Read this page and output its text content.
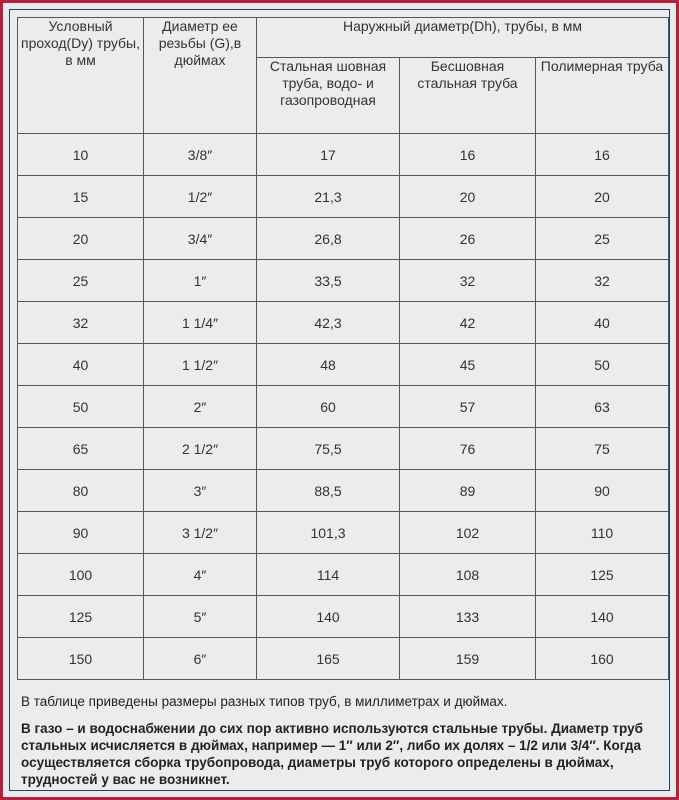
Условный проход(Dy) трубы, в мм	Диаметр ее резьбы (G),в дюймах	Наружный диаметр(Dh), трубы, в мм		
		Стальная шовная труба, водо- и газопроводная	Бесшовная стальная труба	Полимерная труба
10	3/8″	17	16	16
15	1/2″	21,3	20	20
20	3/4″	26,8	26	25
25	1″	33,5	32	32
32	1 1/4″	42,3	42	40
40	1 1/2″	48	45	50
50	2″	60	57	63
65	2 1/2″	75,5	76	75
80	3″	88,5	89	90
90	3 1/2″	101,3	102	110
100	4″	114	108	125
125	5″	140	133	140
150	6″	165	159	160

В таблице приведены размеры разных типов труб, в миллиметрах и дюймах.

В газо – и водоснабжении до сих пор активно используются стальные трубы. Диаметр труб стальных исчисляется в дюймах, например — 1″ или 2″, либо их долях – 1/2 или 3/4″. Когда осуществляется сборка трубопровода, диаметры труб которого определены в дюймах, трудностей у вас не возникнет.
